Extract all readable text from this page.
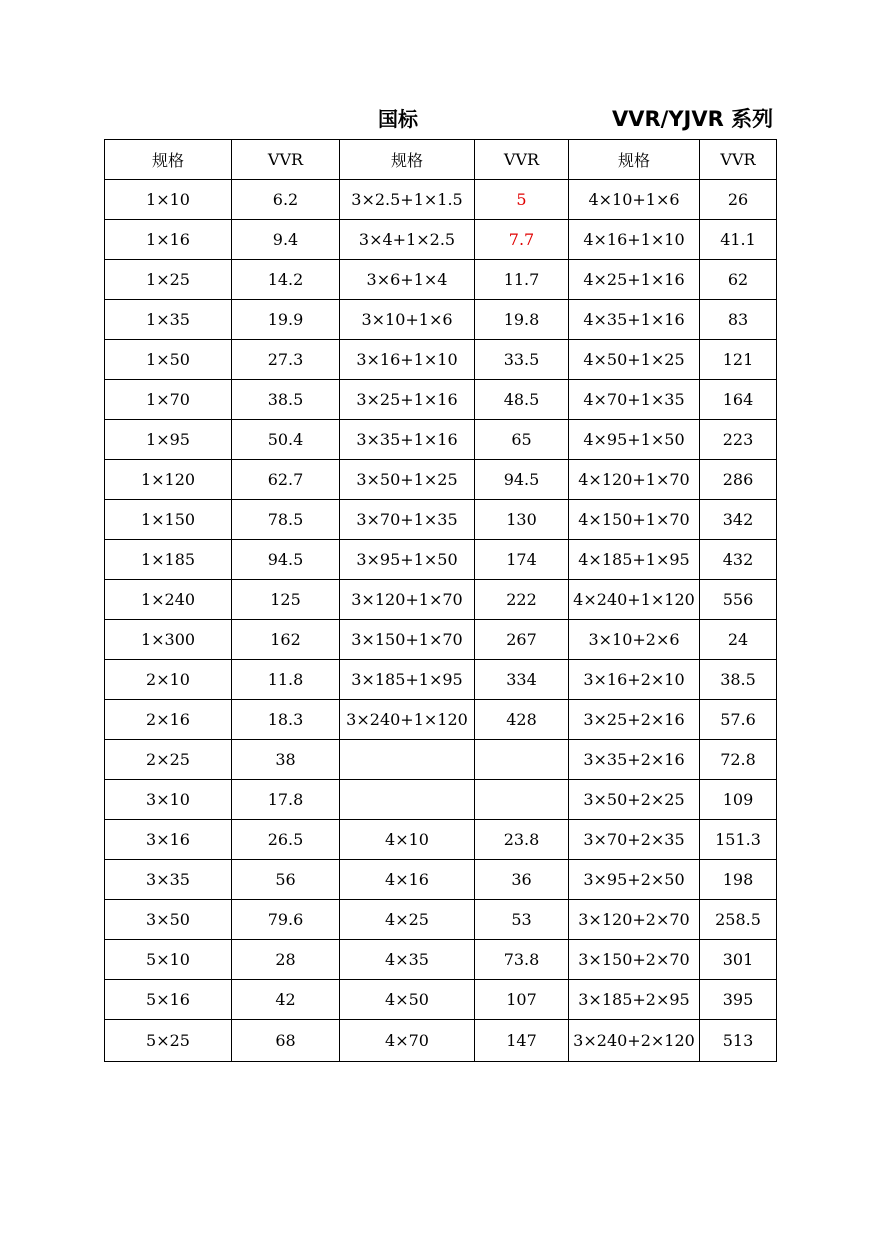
国标	VVR/YJVR 系列
规格	VVR	规格	VVR	规格	VVR
1×10	6.2	3×2.5+1×1.5	5	4×10+1×6	26
1×16	9.4	3×4+1×2.5	7.7	4×16+1×10	41.1
1×25	14.2	3×6+1×4	11.7	4×25+1×16	62
1×35	19.9	3×10+1×6	19.8	4×35+1×16	83
1×50	27.3	3×16+1×10	33.5	4×50+1×25	121
1×70	38.5	3×25+1×16	48.5	4×70+1×35	164
1×95	50.4	3×35+1×16	65	4×95+1×50	223
1×120	62.7	3×50+1×25	94.5	4×120+1×70	286
1×150	78.5	3×70+1×35	130	4×150+1×70	342
1×185	94.5	3×95+1×50	174	4×185+1×95	432
1×240	125	3×120+1×70	222	4×240+1×120	556
1×300	162	3×150+1×70	267	3×10+2×6	24
2×10	11.8	3×185+1×95	334	3×16+2×10	38.5
2×16	18.3	3×240+1×120	428	3×25+2×16	57.6
2×25	38			3×35+2×16	72.8
3×10	17.8			3×50+2×25	109
3×16	26.5	4×10	23.8	3×70+2×35	151.3
3×35	56	4×16	36	3×95+2×50	198
3×50	79.6	4×25	53	3×120+2×70	258.5
5×10	28	4×35	73.8	3×150+2×70	301
5×16	42	4×50	107	3×185+2×95	395
5×25	68	4×70	147	3×240+2×120	513
